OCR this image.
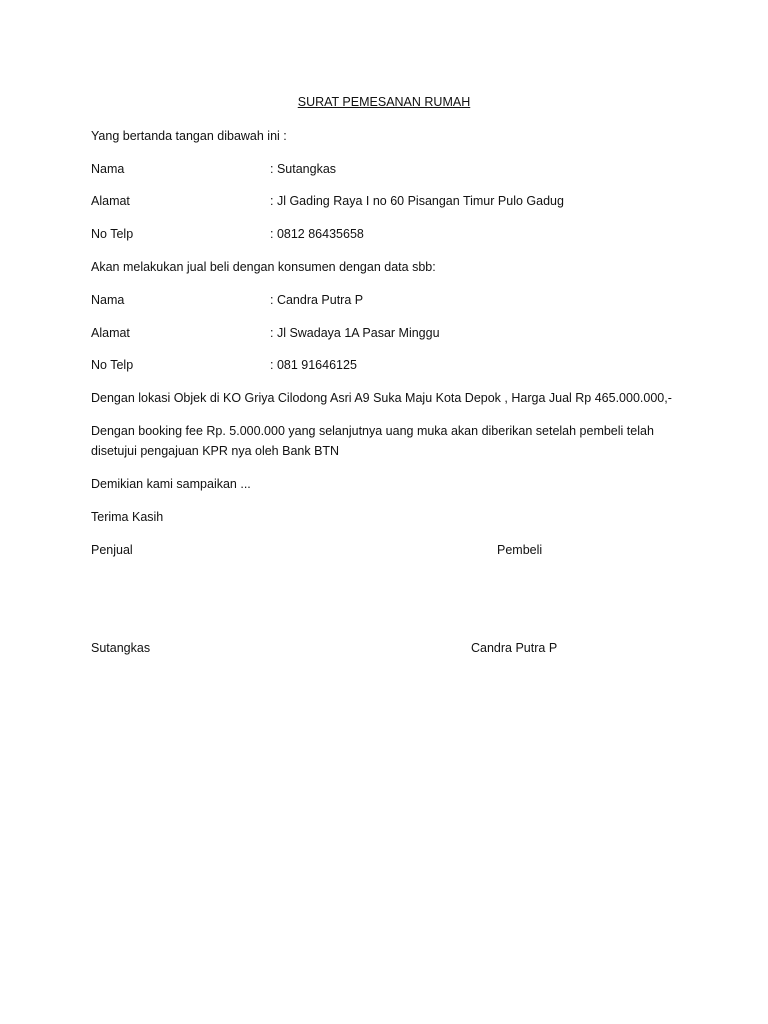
SURAT PEMESANAN RUMAH
Yang bertanda tangan dibawah ini :
Nama	: Sutangkas
Alamat	: Jl Gading Raya I no 60 Pisangan Timur Pulo Gadug
No Telp	: 0812 86435658
Akan melakukan jual beli dengan konsumen dengan data sbb:
Nama	: Candra Putra P
Alamat	: Jl Swadaya 1A Pasar Minggu
No Telp	: 081 91646125
Dengan lokasi Objek di KO Griya Cilodong Asri A9 Suka Maju Kota Depok , Harga Jual Rp 465.000.000,-
Dengan booking fee Rp. 5.000.000 yang selanjutnya uang muka akan diberikan setelah pembeli telah disetujui pengajuan KPR nya oleh Bank BTN
Demikian kami sampaikan ...
Terima Kasih
Penjual	Pembeli
Sutangkas	Candra Putra P
